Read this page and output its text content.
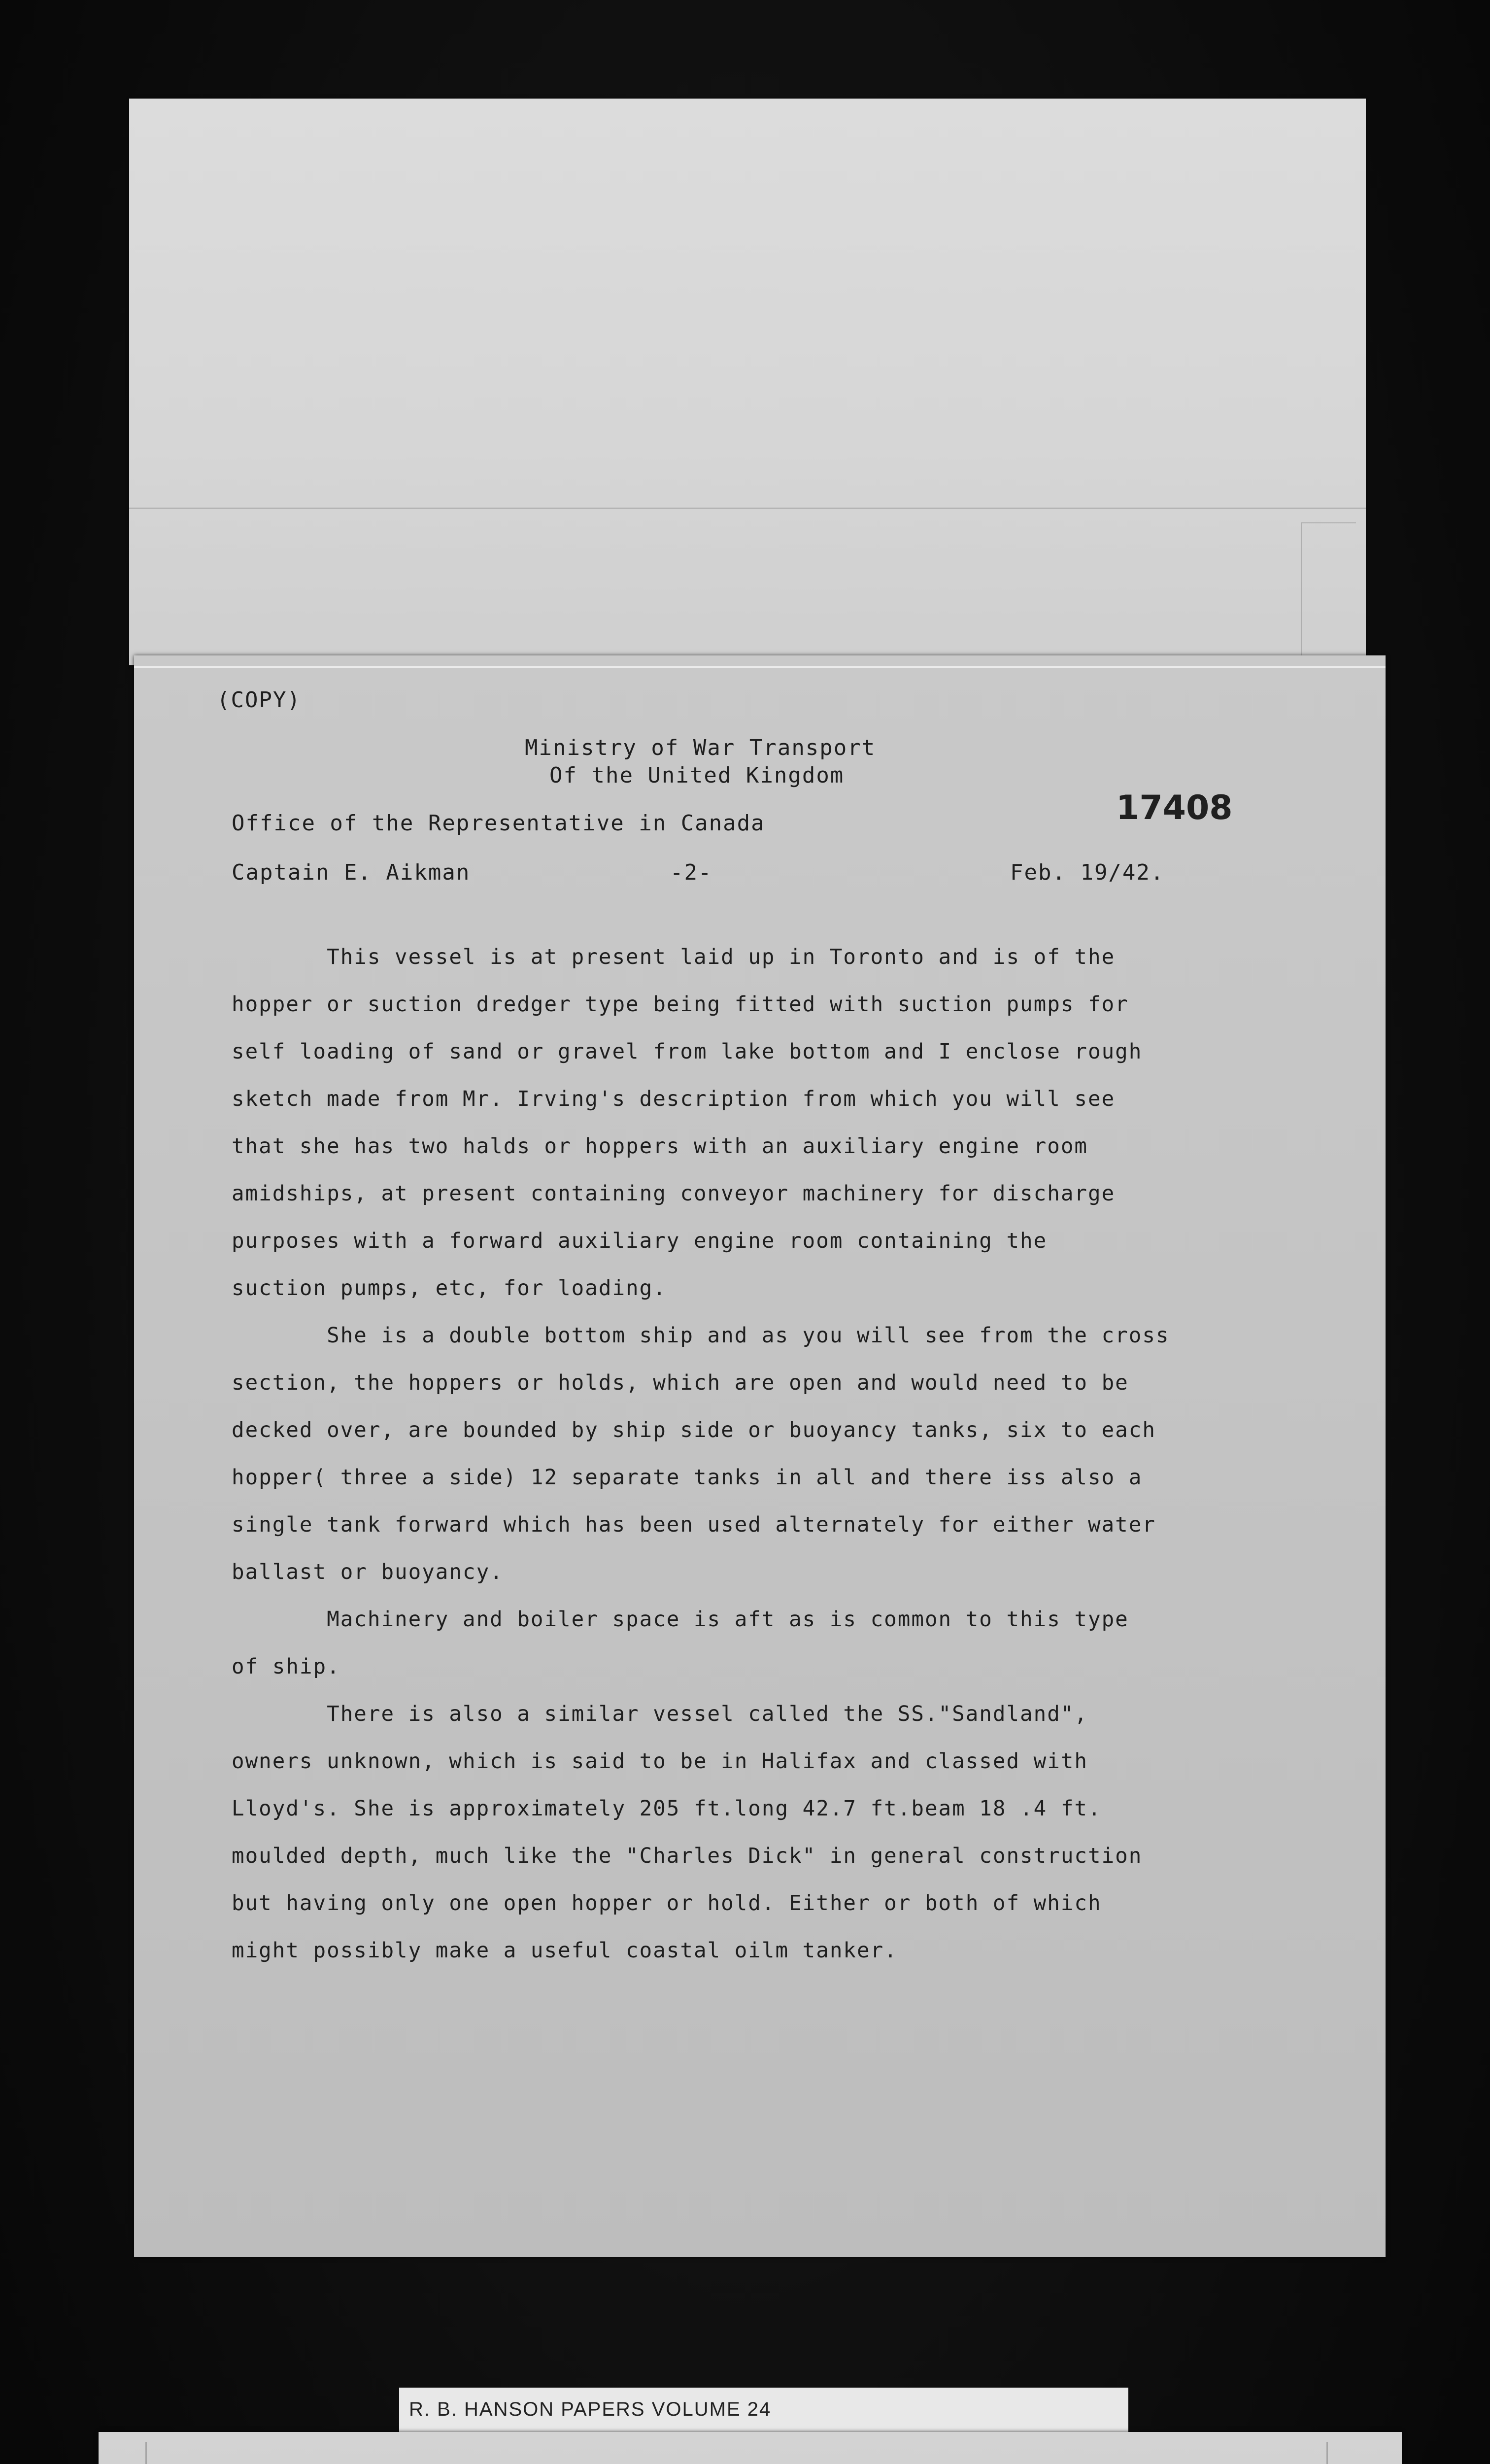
(COPY)

Ministry of War Transport

Of the United Kingdom

Office of the Representative in Canada

Captain E. Aikman	-2-	Feb. 19/42.

17408

This vessel is at present laid up in Toronto and is of the
hopper or suction dredger type being fitted with suction pumps for
self loading of sand or gravel from lake bottom and I enclose rough
sketch made from Mr. Irving's description from which you will see
that she has two halds or hoppers with an auxiliary engine room
amidships, at present containing conveyor machinery for discharge
purposes with a forward auxiliary engine room containing the
suction pumps, etc, for loading.
She is a double bottom ship and as you will see from the cross
section, the hoppers or holds, which are open and would need to be
decked over, are bounded by ship side or buoyancy tanks, six to each
hopper( three a side) 12 separate tanks in all and there iss also a
single tank forward which has been used alternately for either water
ballast or buoyancy.
Machinery and boiler space is aft as is common to this type
of ship.
There is also a similar vessel called the SS."Sandland",
owners unknown, which is said to be in Halifax and classed with
Lloyd's. She is approximately 205 ft.long 42.7 ft.beam 18 .4 ft.
moulded depth, much like the "Charles Dick" in general construction
but having only one open hopper or hold. Either or both of which
might possibly make a useful coastal oilm tanker.
R. B. HANSON PAPERS VOLUME 24
